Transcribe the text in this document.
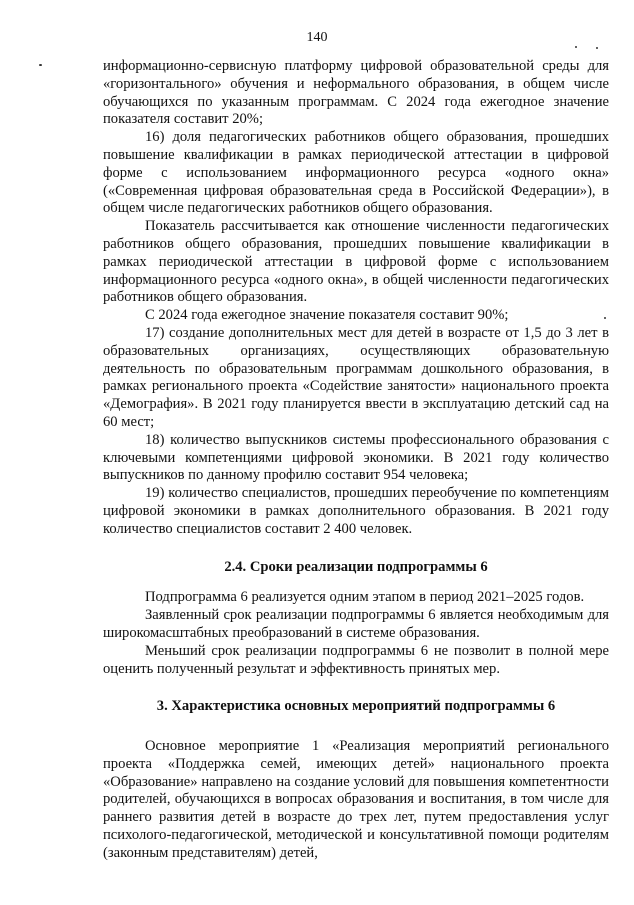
140

информационно-сервисную платформу цифровой образовательной среды для «горизонтального» обучения и неформального образования, в общем числе обучающихся по указанным программам. С 2024 года ежегодное значение показателя составит 20%;

16) доля педагогических работников общего образования, прошедших повышение квалификации в рамках периодической аттестации в цифровой форме с использованием информационного ресурса «одного окна» («Современная цифровая образовательная среда в Российской Федерации»), в общем числе педагогических работников общего образования.

Показатель рассчитывается как отношение численности педагогических работников общего образования, прошедших повышение квалификации в рамках периодической аттестации в цифровой форме с использованием информационного ресурса «одного окна», в общей численности педагогических работников общего образования.

С 2024 года ежегодное значение показателя составит 90%;

17) создание дополнительных мест для детей в возрасте от 1,5 до 3 лет в образовательных организациях, осуществляющих образовательную деятельность по образовательным программам дошкольного образования, в рамках регионального проекта «Содействие занятости» национального проекта «Демография». В 2021 году планируется ввести в эксплуатацию детский сад на 60 мест;

18) количество выпускников системы профессионального образования с ключевыми компетенциями цифровой экономики. В 2021 году количество выпускников по данному профилю составит 954 человека;

19) количество специалистов, прошедших переобучение по компетенциям цифровой экономики в рамках дополнительного образования. В 2021 году количество специалистов составит 2 400 человек.

2.4. Сроки реализации подпрограммы 6

Подпрограмма 6 реализуется одним этапом в период 2021–2025 годов.

Заявленный срок реализации подпрограммы 6 является необходимым для широкомасштабных преобразований в системе образования.

Меньший срок реализации подпрограммы 6 не позволит в полной мере оценить полученный результат и эффективность принятых мер.

3. Характеристика основных мероприятий подпрограммы 6

Основное мероприятие 1 «Реализация мероприятий регионального проекта «Поддержка семей, имеющих детей» национального проекта «Образование» направлено на создание условий для повышения компетентности родителей, обучающихся в вопросах образования и воспитания, в том числе для раннего развития детей в возрасте до трех лет, путем предоставления услуг психолого-педагогической, методической и консультативной помощи родителям (законным представителям) детей,
